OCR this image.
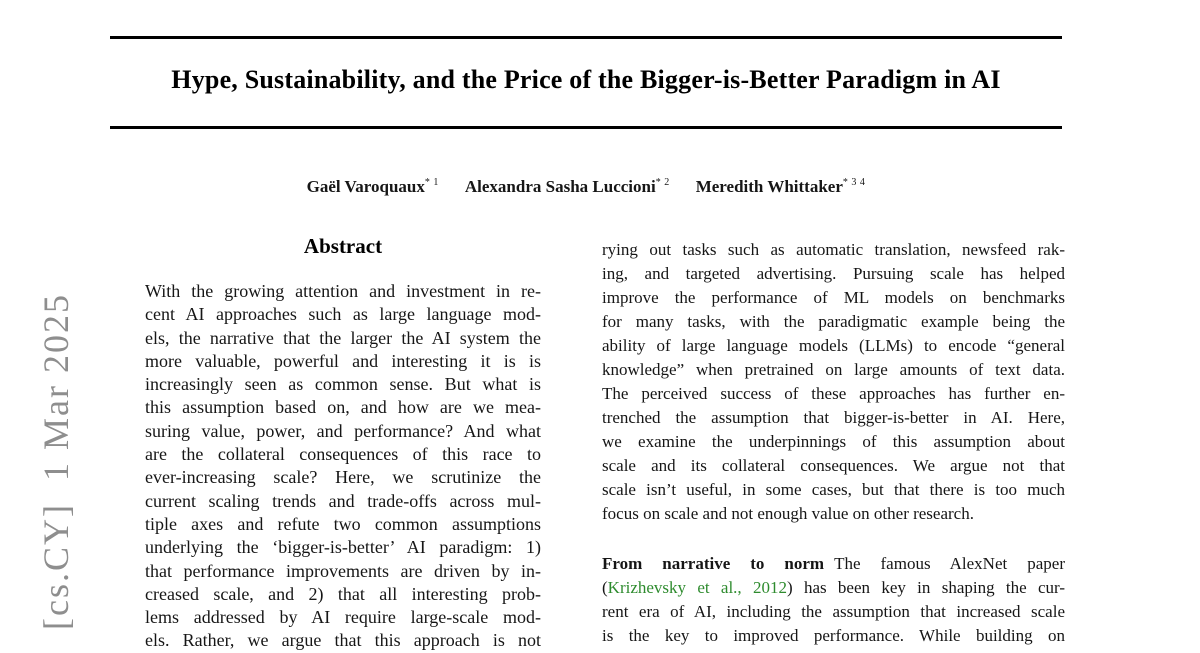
[cs.CY]  1 Mar 2025
Hype, Sustainability, and the Price of the Bigger-is-Better Paradigm in AI
Gaël Varoquaux$^{* 1}$ Alexandra Sasha Luccioni$^{* 2}$ Meredith Whittaker$^{* 3 4}$
Abstract
With the growing attention and investment in re-
cent AI approaches such as large language mod-
els, the narrative that the larger the AI system the
more valuable, powerful and interesting it is is
increasingly seen as common sense. But what is
this assumption based on, and how are we mea-
suring value, power, and performance? And what
are the collateral consequences of this race to
ever-increasing scale? Here, we scrutinize the
current scaling trends and trade-offs across mul-
tiple axes and refute two common assumptions
underlying the ‘bigger-is-better’ AI paradigm: 1)
that performance improvements are driven by in-
creased scale, and 2) that all interesting prob-
lems addressed by AI require large-scale mod-
els. Rather, we argue that this approach is not
rying out tasks such as automatic translation, newsfeed rak-
ing, and targeted advertising. Pursuing scale has helped
improve the performance of ML models on benchmarks
for many tasks, with the paradigmatic example being the
ability of large language models (LLMs) to encode “general
knowledge” when pretrained on large amounts of text data.
The perceived success of these approaches has further en-
trenched the assumption that bigger-is-better in AI. Here,
we examine the underpinnings of this assumption about
scale and its collateral consequences. We argue not that
scale isn’t useful, in some cases, but that there is too much
focus on scale and not enough value on other research.
From narrative to norm The famous AlexNet paper
(Krizhevsky et al., 2012) has been key in shaping the cur-
rent era of AI, including the assumption that increased scale
is the key to improved performance. While building on
